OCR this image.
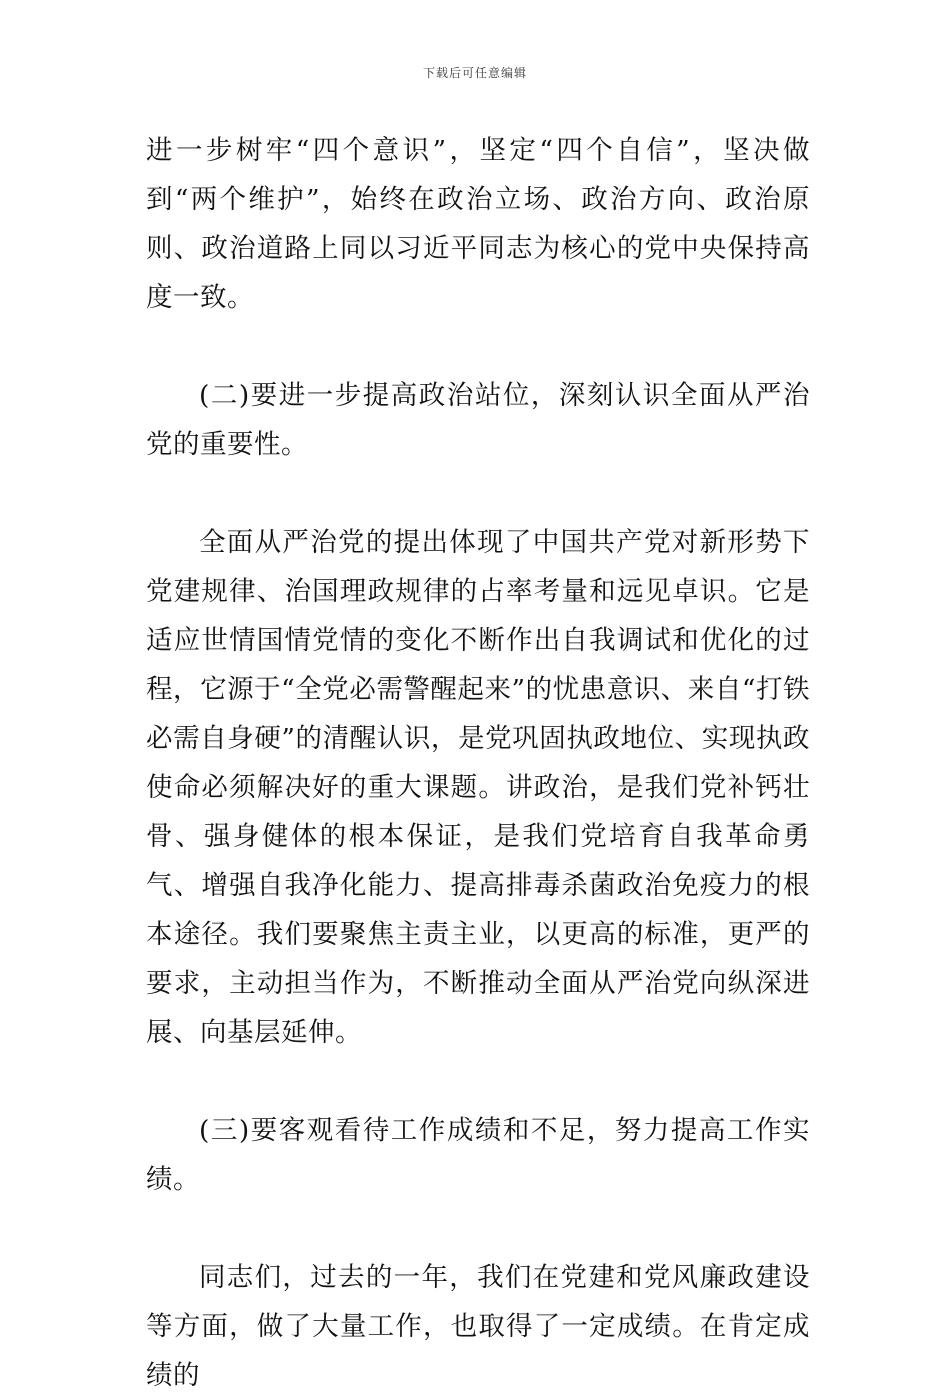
下载后可任意编辑

进一步树牢“四个意识”，坚定“四个自信”，坚决做到“两个维护”，始终在政治立场、政治方向、政治原则、政治道路上同以习近平同志为核心的党中央保持高度一致。

(二)要进一步提高政治站位，深刻认识全面从严治党的重要性。

全面从严治党的提出体现了中国共产党对新形势下党建规律、治国理政规律的占率考量和远见卓识。它是适应世情国情党情的变化不断作出自我调试和优化的过程，它源于“全党必需警醒起来”的忧患意识、来自“打铁必需自身硬”的清醒认识，是党巩固执政地位、实现执政使命必须解决好的重大课题。讲政治，是我们党补钙壮骨、强身健体的根本保证，是我们党培育自我革命勇气、增强自我净化能力、提高排毒杀菌政治免疫力的根本途径。我们要聚焦主责主业，以更高的标准，更严的要求，主动担当作为，不断推动全面从严治党向纵深进展、向基层延伸。

(三)要客观看待工作成绩和不足，努力提高工作实绩。

同志们，过去的一年，我们在党建和党风廉政建设等方面，做了大量工作，也取得了一定成绩。在肯定成绩的
